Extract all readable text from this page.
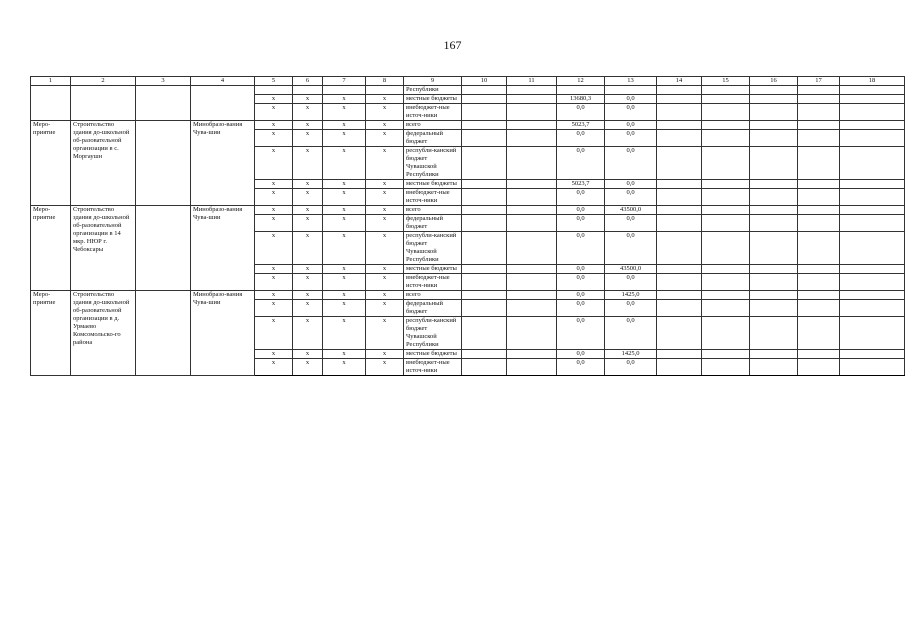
167
1	2	3	4	5	6	7	8	9	10	11	12	13	14	15	16	17	18
								Республики									
				х	х	х	х	местные бюджеты			13680,3	0,0					
				х	х	х	х	внебюджет-ные источ-ники			0,0	0,0					
Меро-приятие	Строительство здания до-школьной об-разовательной организации в с. Моргаушн		Минобразо-вания Чува-шии	х	х	х	х	всего			5023,7	0,0					
				х	х	х	х	федеральный бюджет			0,0	0,0					
				х	х	х	х	республи-канский бюджет Чувашской Республики			0,0	0,0					
				х	х	х	х	местные бюджеты			5023,7	0,0					
				х	х	х	х	внебюджет-ные источ-ники			0,0	0,0					
Меро-приятие	Строительство здания до-школьной об-разовательной организации в 14 мкр. НЮР г. Чебоксары		Минобразо-вания Чува-шии	х	х	х	х	всего			0,0	43500,0					
				х	х	х	х	федеральный бюджет			0,0	0,0					
				х	х	х	х	республи-канский бюджет Чувашской Республики			0,0	0,0					
				х	х	х	х	местные бюджеты			0,0	43500,0					
				х	х	х	х	внебюджет-ные источ-ники			0,0	0,0					
Меро-приятие	Строительство здания до-школьной об-разовательной организации в д. Урмаево Комсомольско-го района		Минобразо-вания Чува-шии	х	х	х	х	всего			0,0	1425,0					
				х	х	х	х	федеральный бюджет			0,0	0,0					
				х	х	х	х	республи-канский бюджет Чувашской Республики			0,0	0,0					
				х	х	х	х	местные бюджеты			0,0	1425,0					
				х	х	х	х	внебюджет-ные источ-ники			0,0	0,0					
